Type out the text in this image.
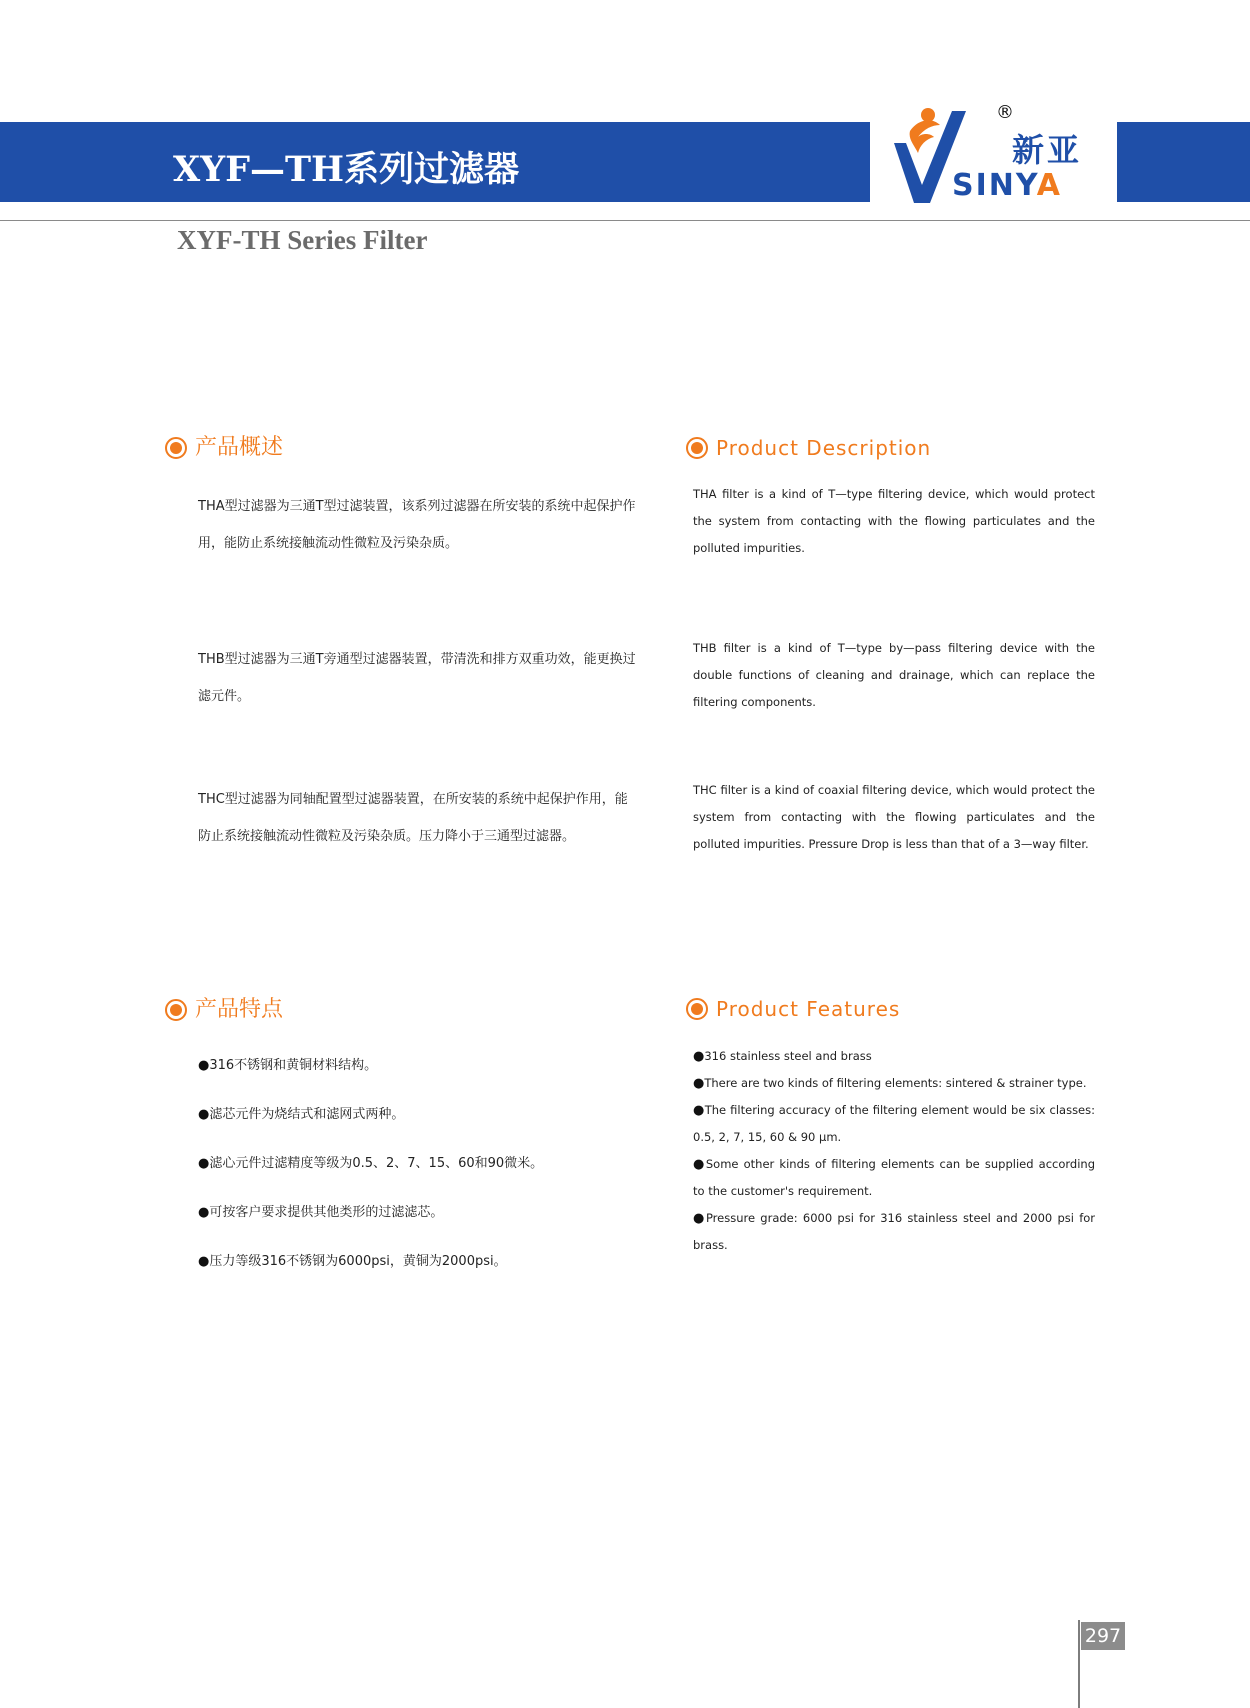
XYF—TH系列过滤器
XYF-TH Series Filter
®
新亚
SINYA
产品概述	Product Description

THA型过滤器为三通T型过滤装置，该系列过滤器在所安装的系统中起保护作用，能防止系统接触流动性微粒及污染杂质。

THB型过滤器为三通T旁通型过滤器装置，带清洗和排方双重功效，能更换过滤元件。

THC型过滤器为同轴配置型过滤器装置，在所安装的系统中起保护作用，能防止系统接触流动性微粒及污染杂质。压力降小于三通型过滤器。

THA filter is a kind of T—type filtering device, which would protect the system from contacting with the flowing particulates and the polluted impurities.

THB filter is a kind of T—type by—pass filtering device with the double functions of cleaning and drainage, which can replace the filtering components.

THC filter is a kind of coaxial filtering device, which would protect the system from contacting with the flowing particulates and the polluted impurities. Pressure Drop is less than that of a 3—way filter.

产品特点	Product Features
●316不锈钢和黄铜材料结构。
●滤芯元件为烧结式和滤网式两种。
●滤心元件过滤精度等级为0.5、2、7、15、60和90微米。
●可按客户要求提供其他类形的过滤滤芯。
●压力等级316不锈钢为6000psi，黄铜为2000psi。
●316 stainless steel and brass
●There are two kinds of filtering elements: sintered & strainer type.
●The filtering accuracy of the filtering element would be six classes: 0.5, 2, 7, 15, 60 & 90 μm.
●Some other kinds of filtering elements can be supplied according to the customer's requirement.
●Pressure grade: 6000 psi for 316 stainless steel and 2000 psi for brass.
297
